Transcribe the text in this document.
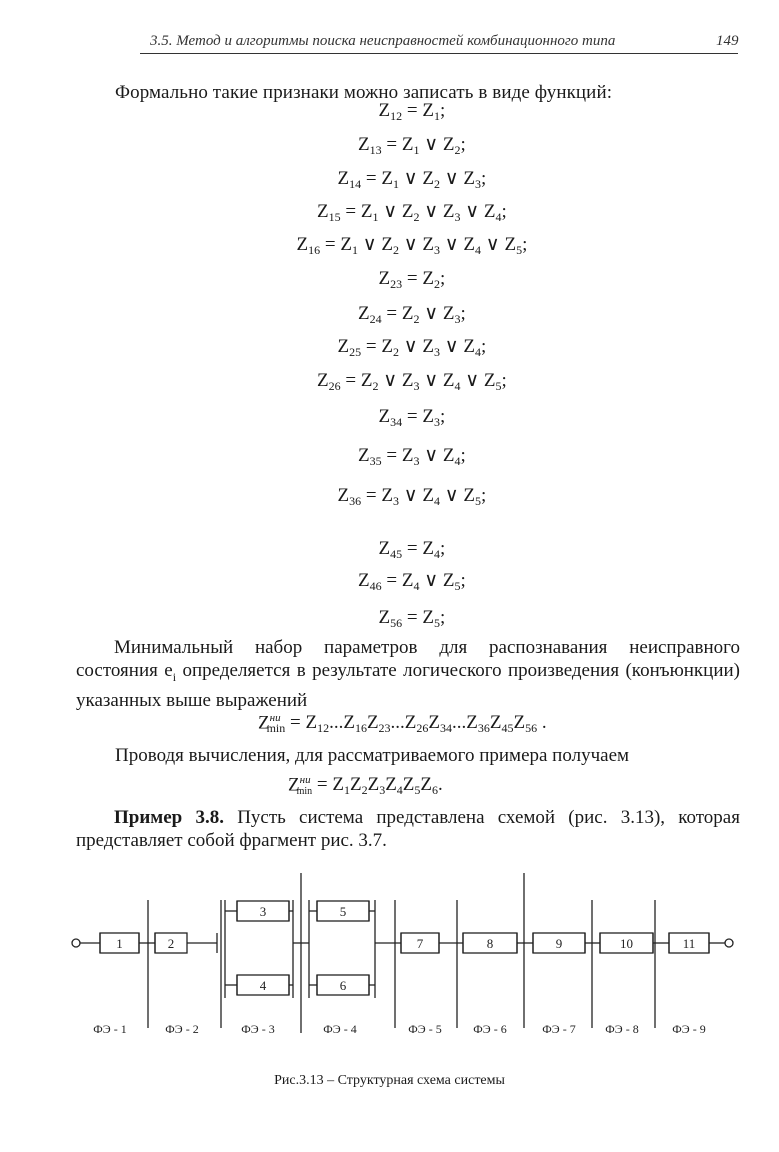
3.5. Метод и алгоритмы поиска неисправностей комбинационного типа	149
Формально такие признаки можно записать в виде функций:
$Z_{12} = Z_1$;
$Z_{13} = Z_1$ ∨ $Z_2$;
$Z_{14} = Z_1$ ∨ $Z_2$ ∨ $Z_3$;
$Z_{15} = Z_1$ ∨ $Z_2$ ∨ $Z_3$ ∨ $Z_4$;
$Z_{16} = Z_1$ ∨ $Z_2$ ∨ $Z_3$ ∨ $Z_4$ ∨ $Z_5$;
$Z_{23} = Z_2$;
$Z_{24} = Z_2$ ∨ $Z_3$;
$Z_{25} = Z_2$ ∨ $Z_3$ ∨ $Z_4$;
$Z_{26} = Z_2$ ∨ $Z_3$ ∨ $Z_4$ ∨ $Z_5$;
$Z_{34} = Z_3$;
$Z_{35} = Z_3$ ∨ $Z_4$;
$Z_{36} = Z_3$ ∨ $Z_4$ ∨ $Z_5$;
$Z_{45} = Z_4$;
$Z_{46} = Z_4$ ∨ $Z_5$;
$Z_{56} = Z_5$;
Минимальный набор параметров для распознавания неисправного состояния $e_i$ определяется в результате логического произведения (конъюнкции) указанных выше выражений
$Z^{ни}_{min} = Z_{12}...Z_{16}Z_{23}...Z_{26}Z_{34}...Z_{36}Z_{45}Z_{56}$ .
Проводя вычисления, для рассматриваемого примера получаем
$Z^{ни}_{min} = Z_1Z_2Z_3Z_4Z_5Z_6$.
Пример 3.8. Пусть система представлена схемой (рис. 3.13), которая представляет собой фрагмент рис. 3.7.
1	2
3
4
5
6
7	8	9	10	11
ФЭ - 1	ФЭ - 2	ФЭ - 3	ФЭ - 4	ФЭ - 5	ФЭ - 6	ФЭ - 7 ФЭ - 8	ФЭ - 9
Рис.3.13 – Структурная схема системы
